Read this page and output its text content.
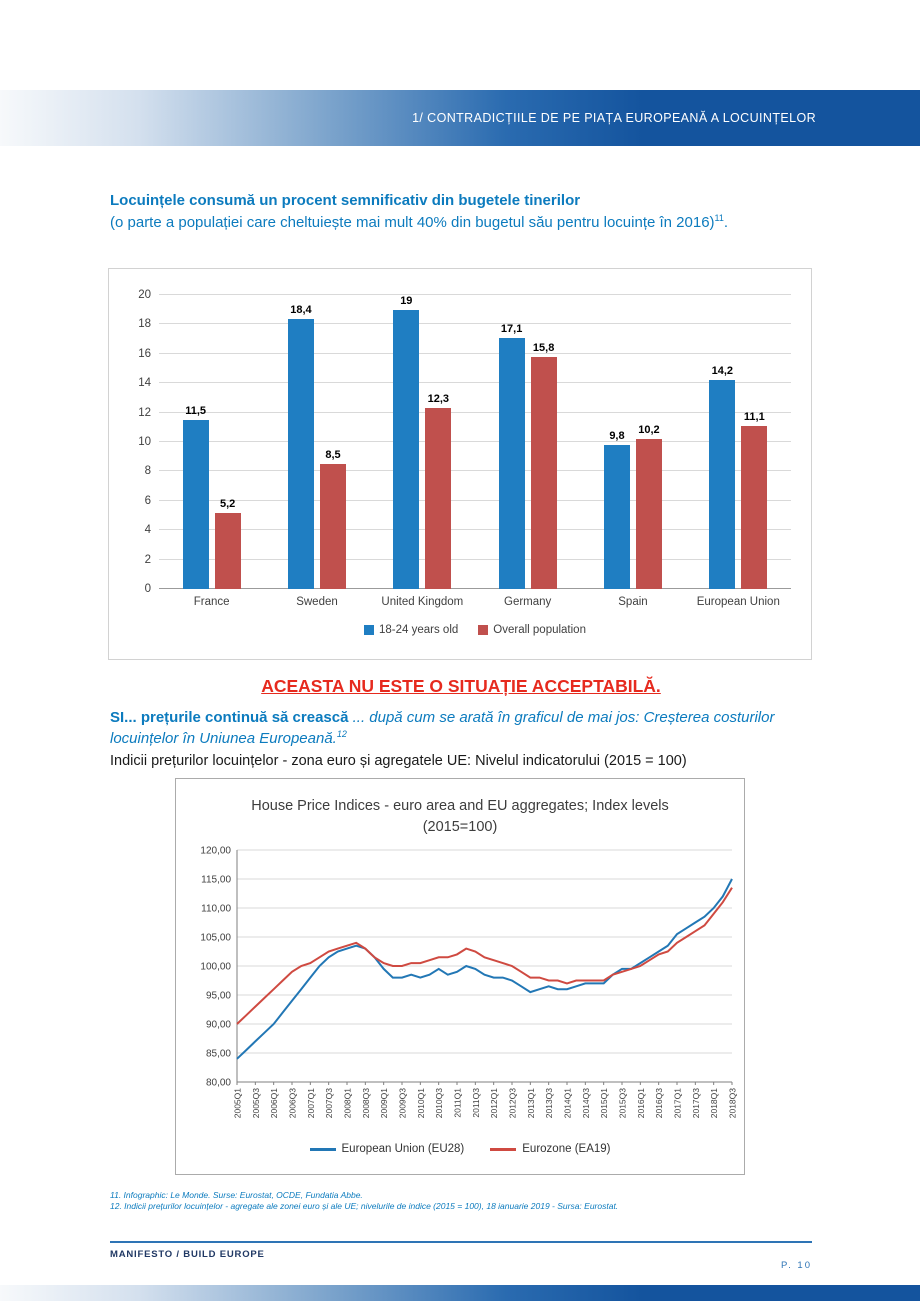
1/ CONTRADICȚIILE DE PE PIAȚA EUROPEANĂ A LOCUINȚELOR
Locuințele consumă un procent semnificativ din bugetele tinerilor
(o parte a populației care cheltuiește mai mult 40% din bugetul său pentru locuințe în 2016)$^{11}$.
0
2
4
6
8
10
12
14
16
18
20
11,5
5,2
18,4
8,5
19
12,3
17,1
15,8
9,8 10,2
14,2
11,1
France	Sweden	United Kingdom	Germany	Spain	European Union
18-24 years old	Overall population
ACEASTA NU ESTE O SITUAȚIE ACCEPTABILĂ.

SI... prețurile continuă să crească ... după cum se arată în graficul de mai jos: Creșterea costurilor locuințelor în Uniunea Europeană.$^{12}$

Indicii prețurilor locuințelor - zona euro și agregatele UE: Nivelul indicatorului (2015 = 100)
House Price Indices - euro area and EU aggregates; Index levels (2015=100)
80,00
85,00
90,00
95,00
100,00
105,00
110,00
115,00
120,00
2005Q1 2005Q3 2006Q1 2006Q3 2007Q1 2007Q3 2008Q1 2008Q3 2009Q1 2009Q3 2010Q1 2010Q3 2011Q1 2011Q3 2012Q1 2012Q3 2013Q1 2013Q3 2014Q1 2014Q3 2015Q1 2015Q3 2016Q1 2016Q3 2017Q1 2017Q3 2018Q1 2018Q3
European Union (EU28)	Eurozone (EA19)
11. Infographic: Le Monde. Surse: Eurostat, OCDE, Fundatia Abbe.
12. Indicii prețurilor locuințelor - agregate ale zonei euro și ale UE; nivelurile de indice (2015 = 100), 18 ianuarie 2019 - Sursa: Eurostat.
MANIFESTO / BUILD EUROPE
P. 10
